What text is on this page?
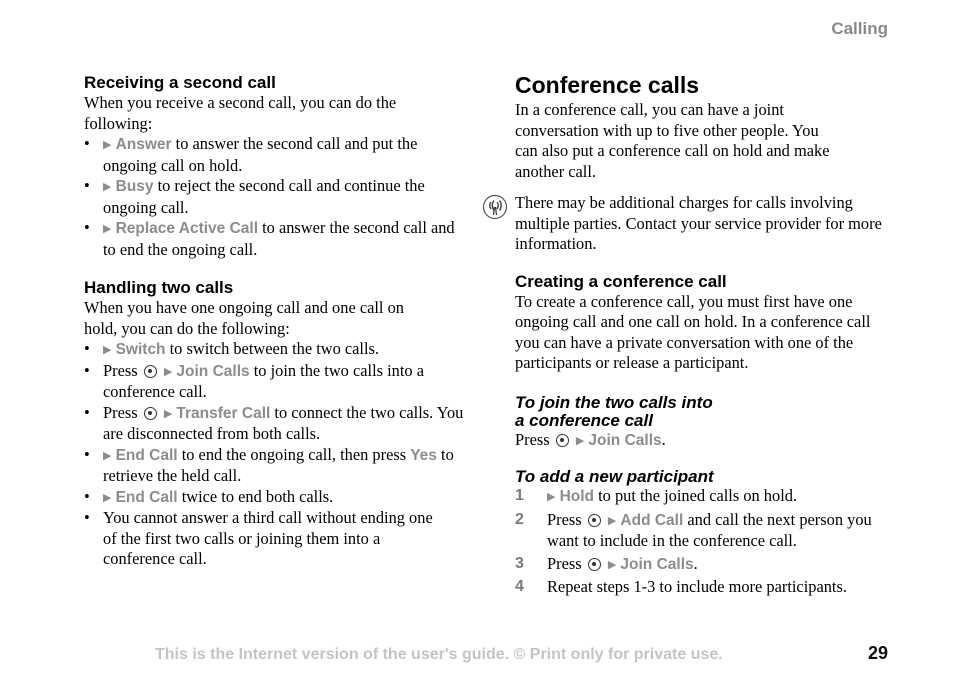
Calling
Receiving a second call

When you receive a second call, you can do the following:

• ▶ Answer to answer the second call and put the ongoing call on hold.
• ▶ Busy to reject the second call and continue the ongoing call.
• ▶ Replace Active Call to answer the second call and to end the ongoing call.
Handling two calls

When you have one ongoing call and one call on hold, you can do the following:

• ▶ Switch to switch between the two calls.
• Press  ▶ Join Calls to join the two calls into a conference call.
• Press  ▶ Transfer Call to connect the two calls. You are disconnected from both calls.
• ▶ End Call to end the ongoing call, then press Yes to retrieve the held call.
• ▶ End Call twice to end both calls.
• You cannot answer a third call without ending one of the first two calls or joining them into a conference call.
Conference calls

In a conference call, you can have a joint conversation with up to five other people. You can also put a conference call on hold and make another call.

There may be additional charges for calls involving multiple parties. Contact your service provider for more information.

Creating a conference call

To create a conference call, you must first have one ongoing call and one call on hold. In a conference call you can have a private conversation with one of the participants or release a participant.

To join the two calls into
a conference call

Press  ▶ Join Calls.

To add a new participant
1 ▶ Hold to put the joined calls on hold.
2 Press  ▶ Add Call and call the next person you want to include in the conference call.
3 Press  ▶ Join Calls.
4 Repeat steps 1-3 to include more participants.
This is the Internet version of the user's guide. © Print only for private use.	29
